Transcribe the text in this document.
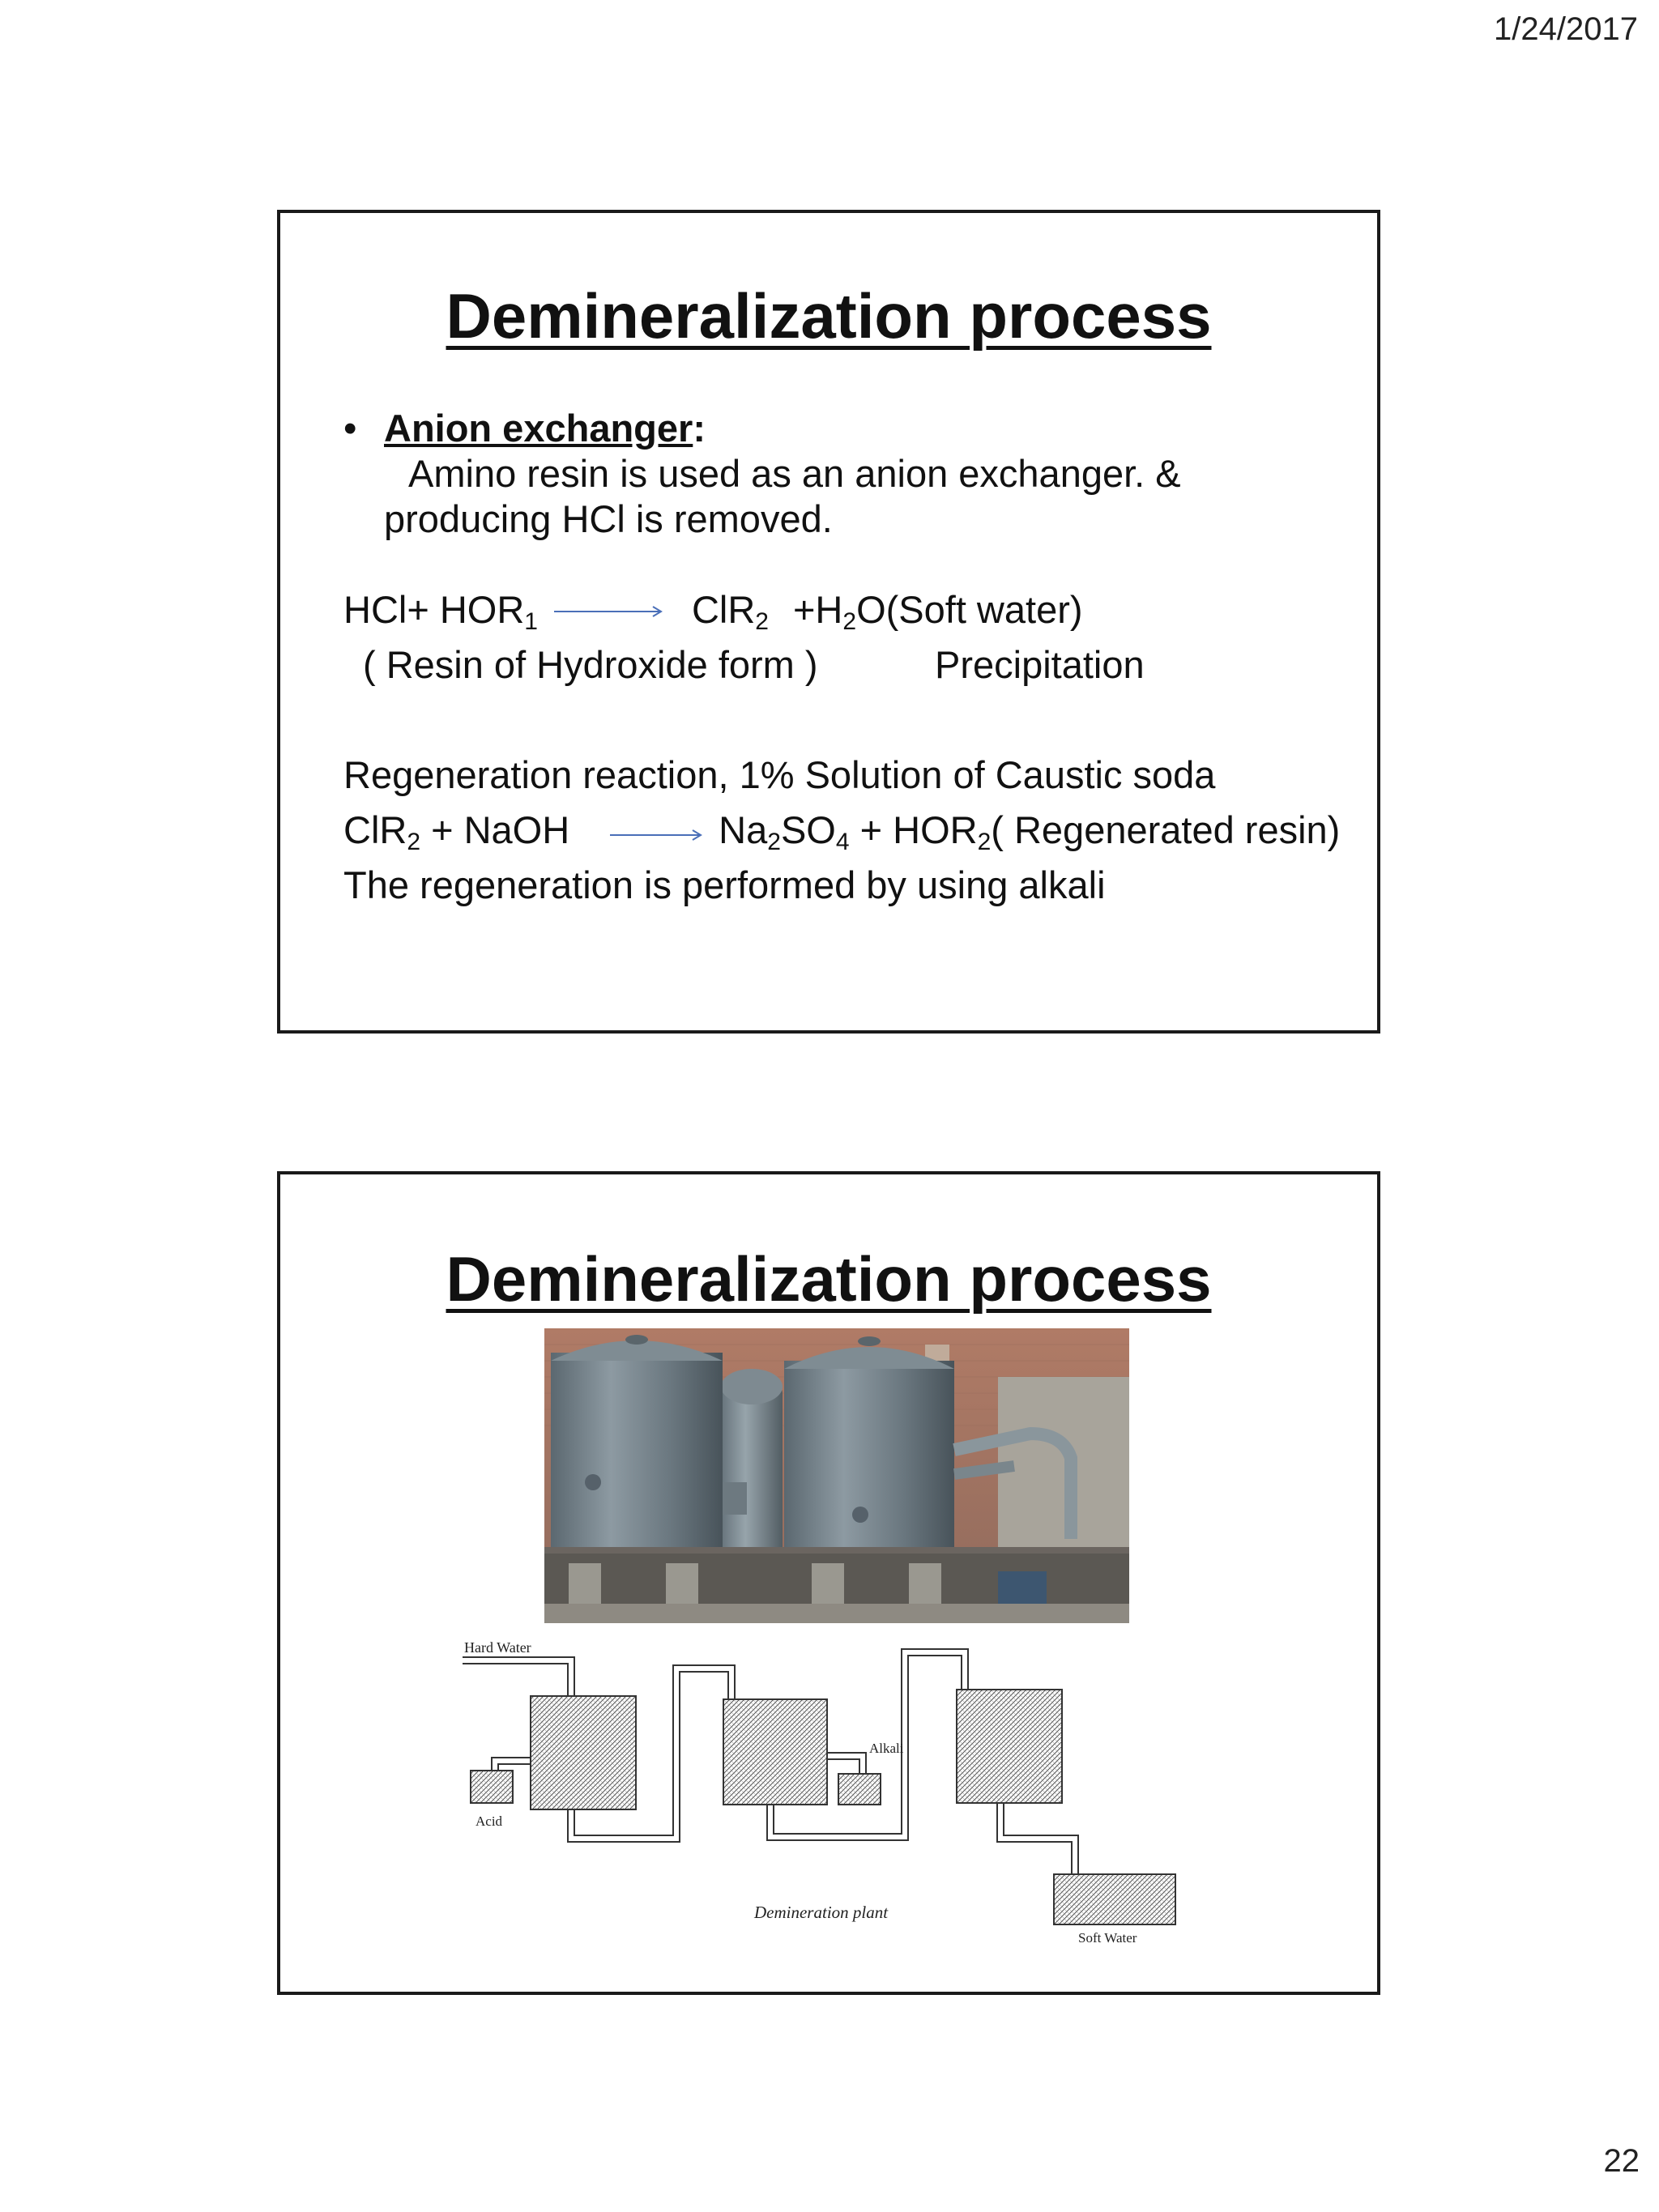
1/24/2017
Demineralization process
• Anion exchanger:
Amino resin is used as an anion exchanger. &
producing HCl is removed.
$HCl+ HOR_1 \to ClR_2$ $+H_2O(Soft$ water)
( Resin of Hydroxide form )	Precipitation
Regeneration reaction, 1% Solution of Caustic soda
ClR$_2$ + NaOH → $Na_2SO_4 + HOR_2$( Regenerated resin)
The regeneration is performed by using alkali
Demineralization process
Hard Water
Acid
Alkali
Demineration plant
Soft Water
22
